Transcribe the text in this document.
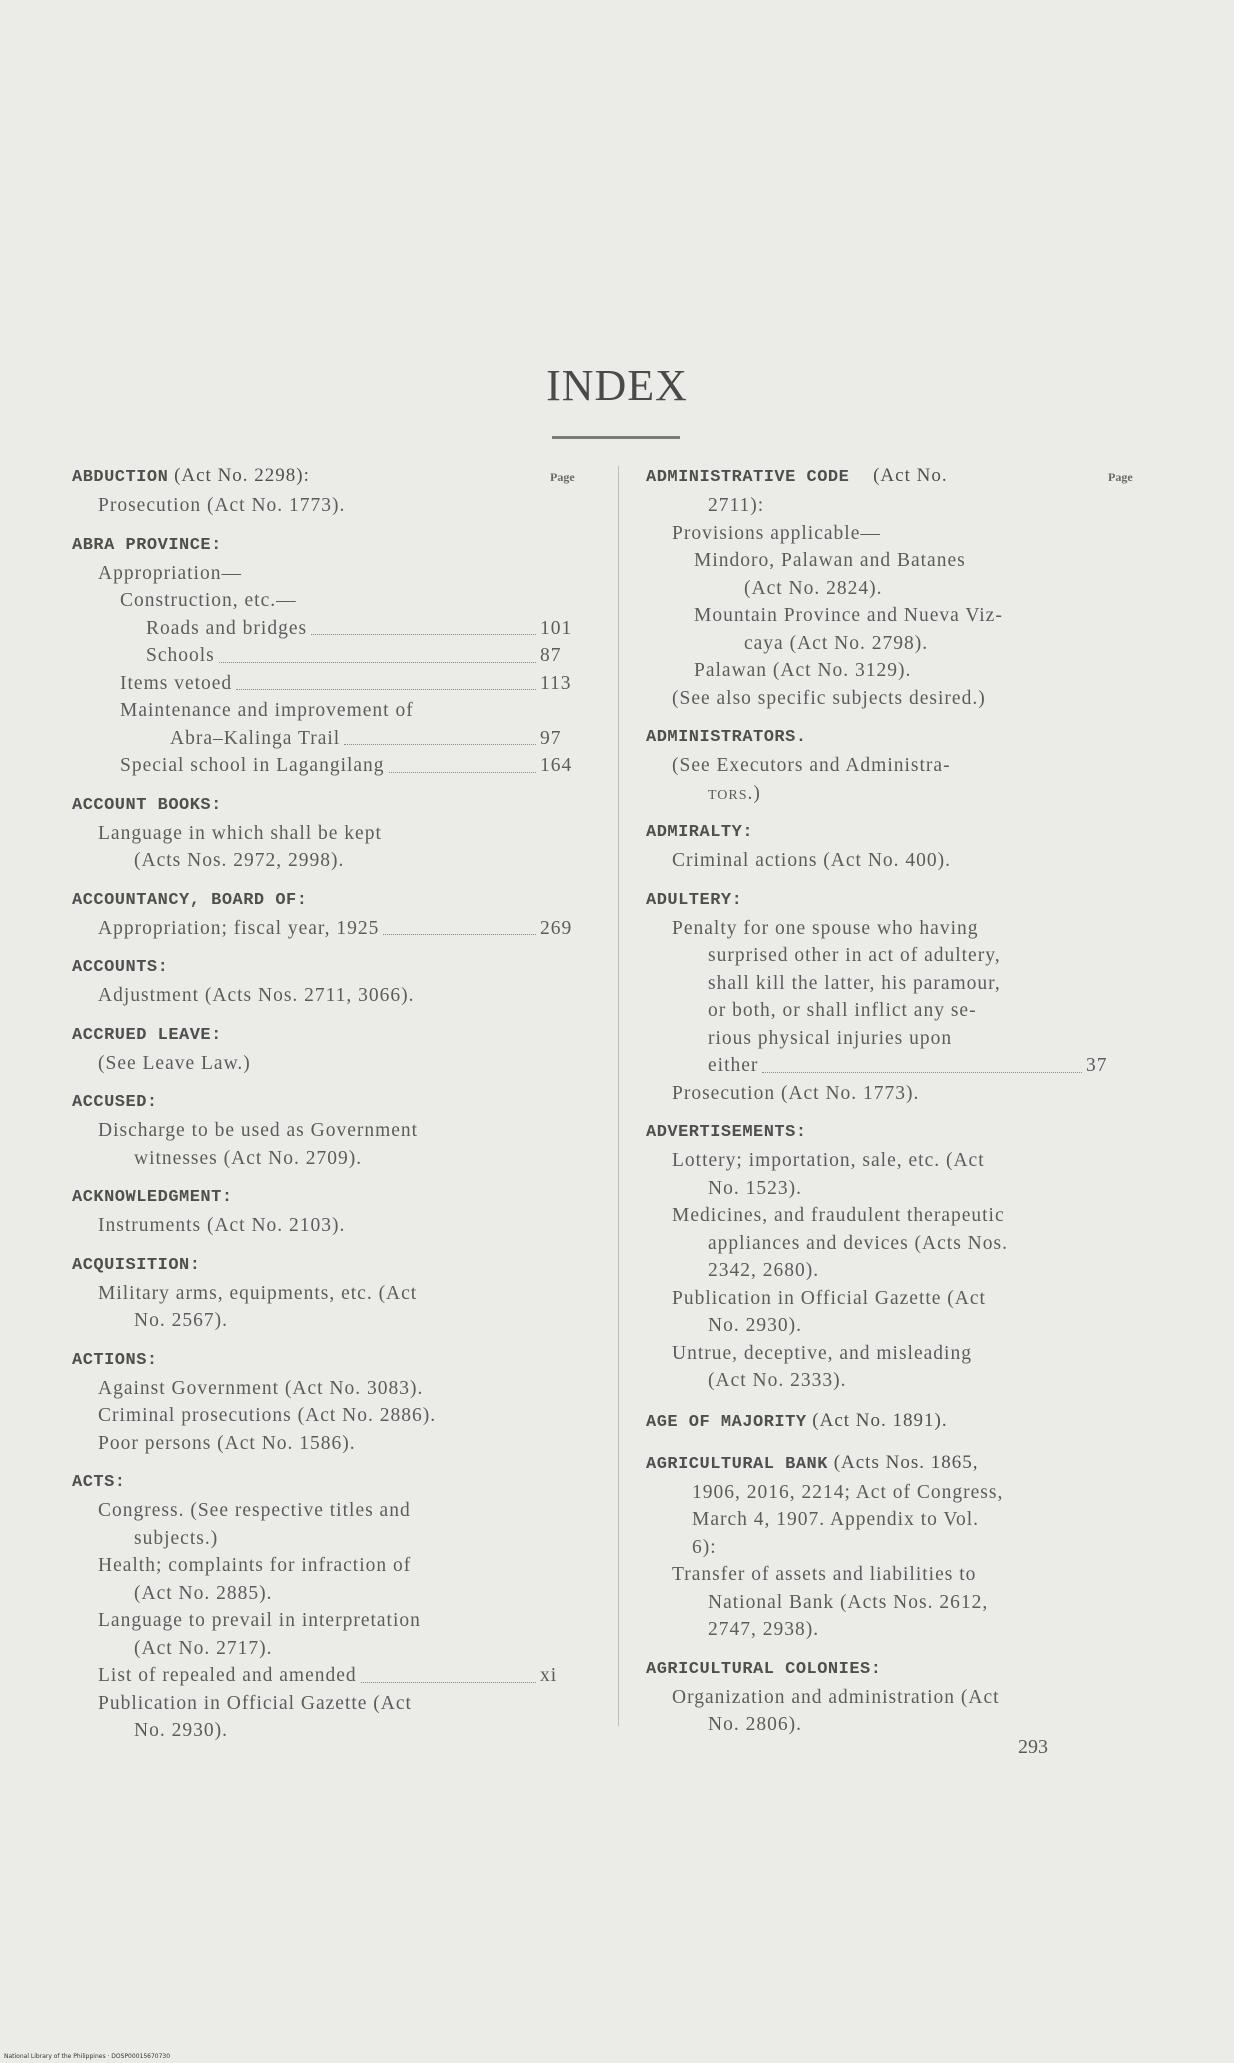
INDEX
Page
ABDUCTION (Act No. 2298):
Prosecution (Act No. 1773).
ABRA PROVINCE:
Appropriation—
Construction, etc.—
Roads and bridges	101
Schools	87
Items vetoed	113
Maintenance and improvement of
Abra–Kalinga Trail	97
Special school in Lagangilang	164
ACCOUNT BOOKS:
Language in which shall be kept
(Acts Nos. 2972, 2998).
ACCOUNTANCY, BOARD OF:
Appropriation; fiscal year, 1925	269
ACCOUNTS:
Adjustment (Acts Nos. 2711, 3066).
ACCRUED LEAVE:
(See Leave Law.)
ACCUSED:
Discharge to be used as Government
witnesses (Act No. 2709).
ACKNOWLEDGMENT:
Instruments (Act No. 2103).
ACQUISITION:
Military arms, equipments, etc. (Act
No. 2567).
ACTIONS:
Against Government (Act No. 3083).
Criminal prosecutions (Act No. 2886).
Poor persons (Act No. 1586).
ACTS:
Congress. (See respective titles and
subjects.)
Health; complaints for infraction of
(Act No. 2885).
Language to prevail in interpretation
(Act No. 2717).
List of repealed and amended	xi
Publication in Official Gazette (Act
No. 2930).
Page
ADMINISTRATIVE CODE (Act No.
2711):
Provisions applicable—
Mindoro, Palawan and Batanes
(Act No. 2824).
Mountain Province and Nueva Viz-
caya (Act No. 2798).
Palawan (Act No. 3129).
(See also specific subjects desired.)
ADMINISTRATORS.
(See Executors and Administra-
tors.)
ADMIRALTY:
Criminal actions (Act No. 400).
ADULTERY:
Penalty for one spouse who having
surprised other in act of adultery,
shall kill the latter, his paramour,
or both, or shall inflict any se-
rious physical injuries upon
either	37
Prosecution (Act No. 1773).
ADVERTISEMENTS:
Lottery; importation, sale, etc. (Act
No. 1523).
Medicines, and fraudulent therapeutic
appliances and devices (Acts Nos.
2342, 2680).
Publication in Official Gazette (Act
No. 2930).
Untrue, deceptive, and misleading
(Act No. 2333).
AGE OF MAJORITY (Act No. 1891).
AGRICULTURAL BANK (Acts Nos. 1865,
1906, 2016, 2214; Act of Congress,
March 4, 1907. Appendix to Vol.
6):
Transfer of assets and liabilities to
National Bank (Acts Nos. 2612,
2747, 2938).
AGRICULTURAL COLONIES:
Organization and administration (Act
No. 2806).
293
National Library of the Philippines · DOSP00015670730
